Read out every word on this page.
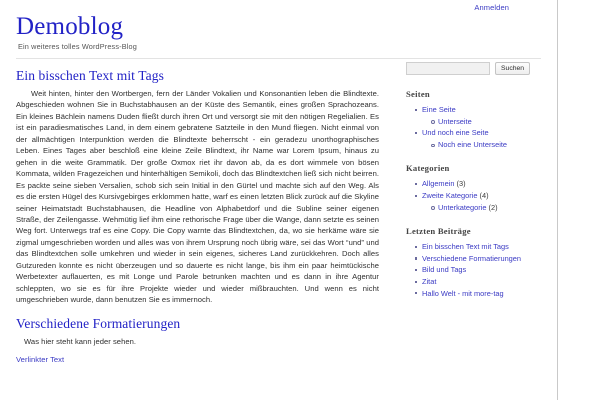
Anmelden
Demoblog
Ein weiteres tolles WordPress-Blog
Ein bisschen Text mit Tags

Weit hinten, hinter den Wortbergen, fern der Länder Vokalien und Konsonantien leben die Blindtexte. Abgeschieden wohnen Sie in Buchstabhausen an der Küste des Semantik, eines großen Sprachozeans. Ein kleines Bächlein namens Duden fließt durch ihren Ort und versorgt sie mit den nötigen Regelialien. Es ist ein paradiesmatisches Land, in dem einem gebratene Satzteile in den Mund fliegen. Nicht einmal von der allmächtigen Interpunktion werden die Blindtexte beherrscht - ein geradezu unorthographisches Leben. Eines Tages aber beschloß eine kleine Zeile Blindtext, ihr Name war Lorem Ipsum, hinaus zu gehen in die weite Grammatik. Der große Oxmox riet ihr davon ab, da es dort wimmele von bösen Kommata, wilden Fragezeichen und hinterhältigen Semikoli, doch das Blindtextchen ließ sich nicht beirren. Es packte seine sieben Versalien, schob sich sein Initial in den Gürtel und machte sich auf den Weg. Als es die ersten Hügel des Kursivgebirges erklommen hatte, warf es einen letzten Blick zurück auf die Skyline seiner Heimatstadt Buchstabhausen, die Headline von Alphabetdorf und die Subline seiner eigenen Straße, der Zeilengasse. Wehmütig lief ihm eine rethorische Frage über die Wange, dann setzte es seinen Weg fort. Unterwegs traf es eine Copy. Die Copy warnte das Blindtextchen, da, wo sie herkäme wäre sie zigmal umgeschrieben worden und alles was von ihrem Ursprung noch übrig wäre, sei das Wort “und” und das Blindtextchen solle umkehren und wieder in sein eigenes, sicheres Land zurückkehren. Doch alles Gutzureden konnte es nicht überzeugen und so dauerte es nicht lange, bis ihm ein paar heimtückische Werbetexter auflauerten, es mit Longe und Parole betrunken machten und es dann in ihre Agentur schleppten, wo sie es für ihre Projekte wieder und wieder mißbrauchten. Und wenn es nicht umgeschrieben wurde, dann benutzen Sie es immernoch.

Verschiedene Formatierungen

Was hier steht kann jeder sehen.

Verlinkter Text

Suchen
Seiten
Eine Seite
Unterseite
Und noch eine Seite
Noch eine Unterseite
Kategorien
Allgemein (3)
Zweite Kategorie (4)
Unterkategorie (2)
Letzten Beiträge
Ein bisschen Text mit Tags
Verschiedene Formatierungen
Bild und Tags
Zitat
Hallo Welt - mit more-tag
